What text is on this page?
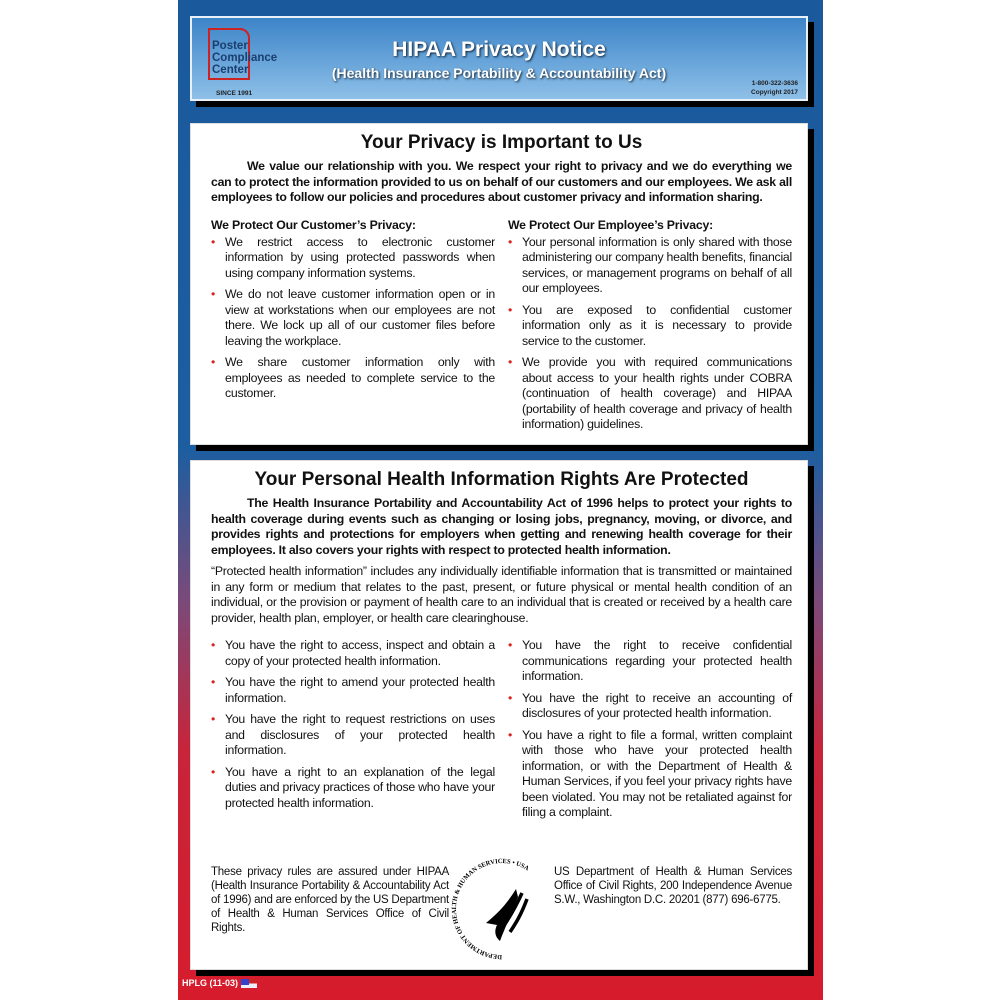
Poster
Compliance
Center
SINCE 1991
HIPAA Privacy Notice
(Health Insurance Portability & Accountability Act)
1-800-322-3636
Copyright 2017
Your Privacy is Important to Us

We value our relationship with you. We respect your right to privacy and we do everything we can to protect the information provided to us on behalf of our customers and our employees. We ask all employees to follow our policies and procedures about customer privacy and information sharing.

We Protect Our Customer’s Privacy:
• We restrict access to electronic customer information by using protected passwords when using company information systems.
• We do not leave customer information open or in view at workstations when our employees are not there. We lock up all of our customer files before leaving the workplace.
• We share customer information only with employees as needed to complete service to the customer.
We Protect Our Employee’s Privacy:
• Your personal information is only shared with those administering our company health benefits, financial services, or management programs on behalf of all our employees.
• You are exposed to confidential customer information only as it is necessary to provide service to the customer.
• We provide you with required communications about access to your health rights under COBRA (continuation of health coverage) and HIPAA (portability of health coverage and privacy of health information) guidelines.
Your Personal Health Information Rights Are Protected

The Health Insurance Portability and Accountability Act of 1996 helps to protect your rights to health coverage during events such as changing or losing jobs, pregnancy, moving, or divorce, and provides rights and protections for employers when getting and renewing health coverage for their employees. It also covers your rights with respect to protected health information.

“Protected health information” includes any individually identifiable information that is transmitted or maintained in any form or medium that relates to the past, present, or future physical or mental health condition of an individual, or the provision or payment of health care to an individual that is created or received by a health care provider, health plan, employer, or health care clearinghouse.

• You have the right to access, inspect and obtain a copy of your protected health information.
• You have the right to amend your protected health information.
• You have the right to request restrictions on uses and disclosures of your protected health information.
• You have a right to an explanation of the legal duties and privacy practices of those who have your protected health information.
• You have the right to receive confidential communications regarding your protected health information.
• You have the right to receive an accounting of disclosures of your protected health information.
• You have a right to file a formal, written complaint with those who have your protected health information, or with the Department of Health & Human Services, if you feel your privacy rights have been violated. You may not be retaliated against for filing a complaint.

These privacy rules are assured under HIPAA (Health Insurance Portability & Accountability Act of 1996) and are enforced by the US Department of Health & Human Services Office of Civil Rights.

DEPARTMENT OF HEALTH & HUMAN SERVICES • USA US Department of Health & Human Services Office of Civil Rights, 200 Independence Avenue S.W., Washington D.C. 20201 (877) 696-6775.

HPLG (11-03)
